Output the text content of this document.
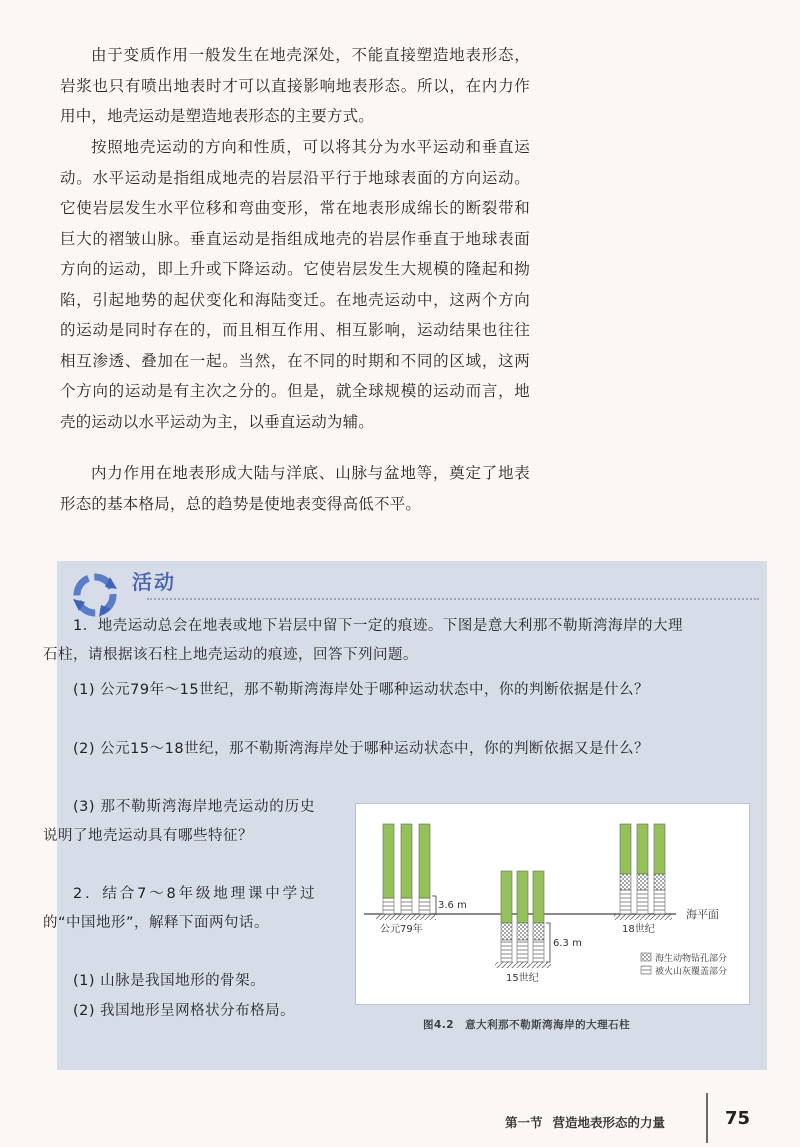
由于变质作用一般发生在地壳深处，不能直接塑造地表形态，岩浆也只有喷出地表时才可以直接影响地表形态。所以，在内力作用中，地壳运动是塑造地表形态的主要方式。

按照地壳运动的方向和性质，可以将其分为水平运动和垂直运动。水平运动是指组成地壳的岩层沿平行于地球表面的方向运动。它使岩层发生水平位移和弯曲变形，常在地表形成绵长的断裂带和巨大的褶皱山脉。垂直运动是指组成地壳的岩层作垂直于地球表面方向的运动，即上升或下降运动。它使岩层发生大规模的隆起和拗陷，引起地势的起伏变化和海陆变迁。在地壳运动中，这两个方向的运动是同时存在的，而且相互作用、相互影响，运动结果也往往相互渗透、叠加在一起。当然，在不同的时期和不同的区域，这两个方向的运动是有主次之分的。但是，就全球规模的运动而言，地壳的运动以水平运动为主，以垂直运动为辅。

内力作用在地表形成大陆与洋底、山脉与盆地等，奠定了地表形态的基本格局，总的趋势是使地表变得高低不平。

活动

1．地壳运动总会在地表或地下岩层中留下一定的痕迹。下图是意大利那不勒斯湾海岸的大理石柱，请根据该石柱上地壳运动的痕迹，回答下列问题。

(1) 公元79年～15世纪，那不勒斯湾海岸处于哪种运动状态中，你的判断依据是什么？

(2) 公元15～18世纪，那不勒斯湾海岸处于哪种运动状态中，你的判断依据又是什么？

(3) 那不勒斯湾海岸地壳运动的历史说明了地壳运动具有哪些特征？

2．结合7～8年级地理课中学过的“中国地形”，解释下面两句话。

(1) 山脉是我国地形的骨架。

(2) 我国地形呈网格状分布格局。

海平面
3.6 m
公元79年
6.3 m
15世纪
18世纪
海生动物钻孔部分
被火山灰覆盖部分
图4.2　意大利那不勒斯湾海岸的大理石柱
第一节 营造地表形态的力量	75
